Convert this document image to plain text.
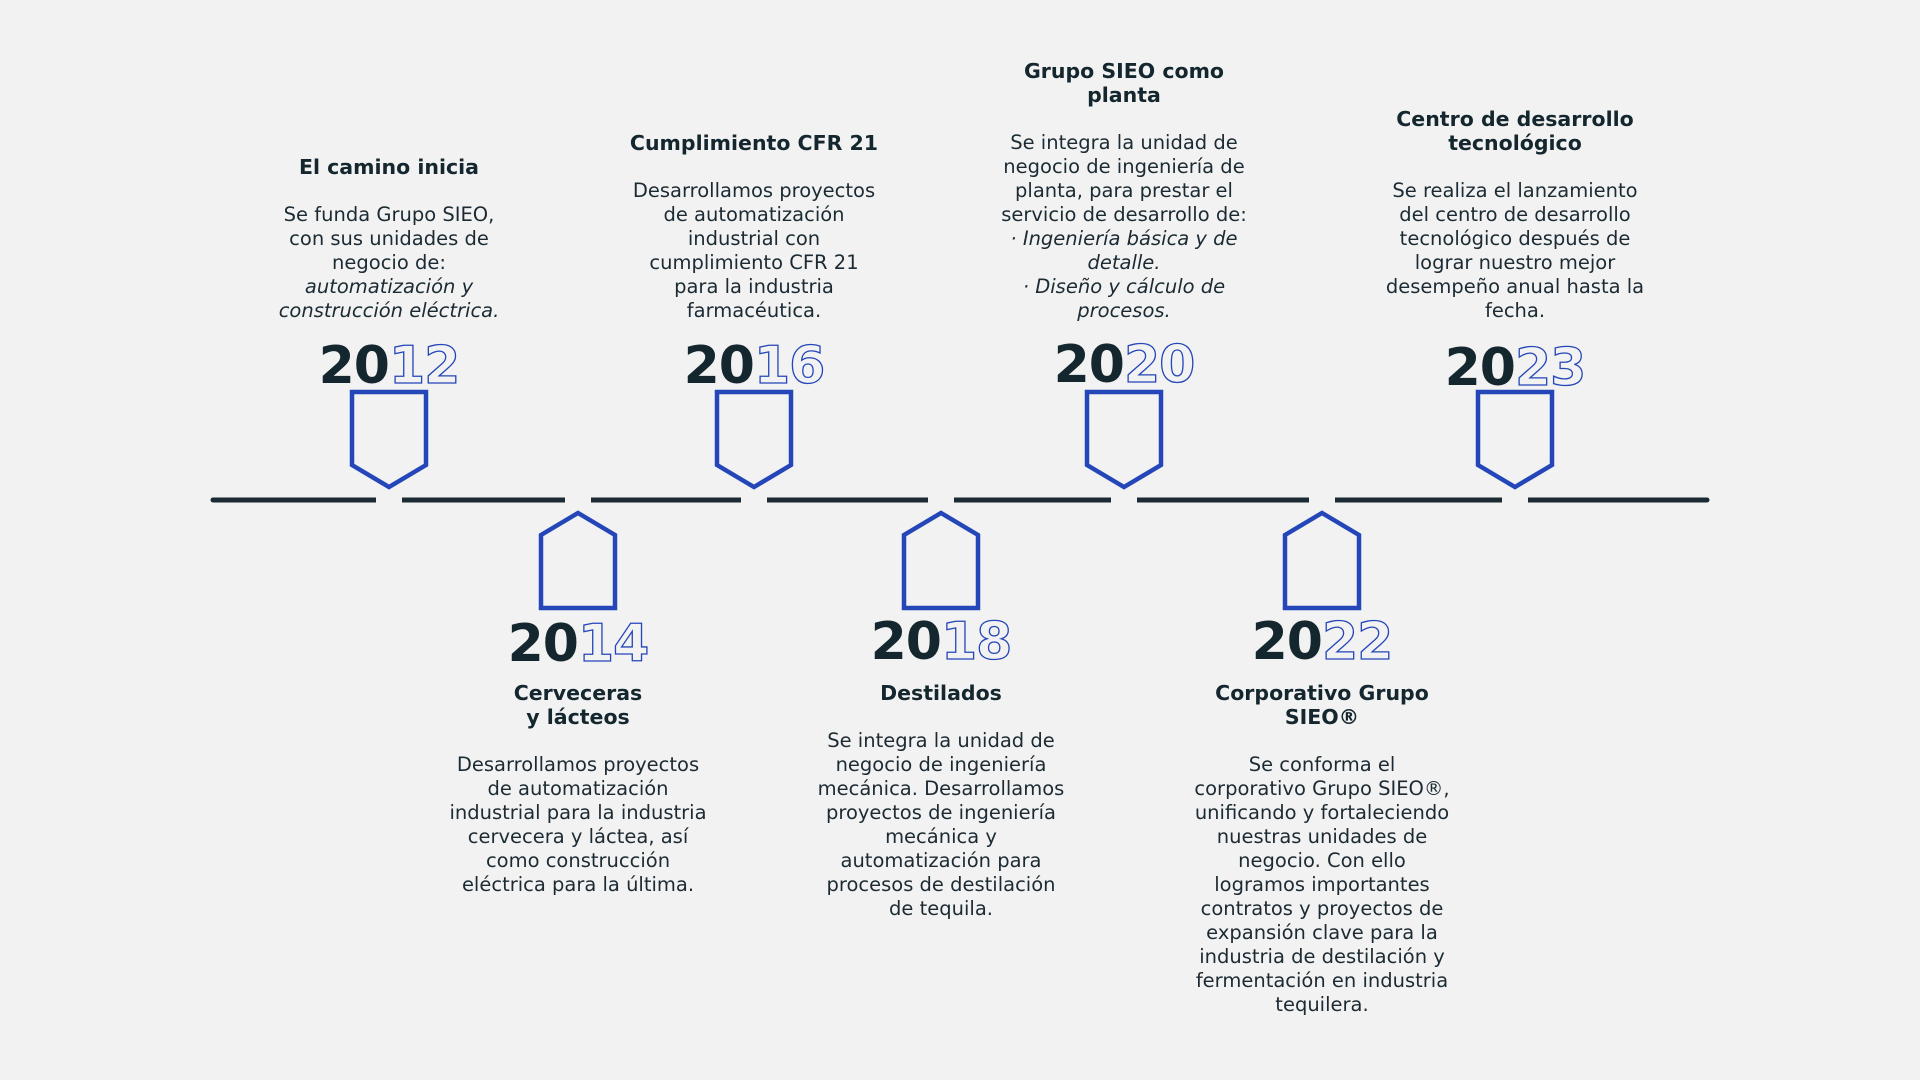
2012
2014
2016
2018
2020
2022
2023
El camino inicia
Se funda Grupo SIEO,
con sus unidades de
negocio de:
automatización y
construcción eléctrica.
Cerveceras
y lácteos
Desarrollamos proyectos
de automatización
industrial para la industria
cervecera y láctea, así
como construcción
eléctrica para la última.
Cumplimiento CFR 21
Desarrollamos proyectos
de automatización
industrial con
cumplimiento CFR 21
para la industria
farmacéutica.
Destilados
Se integra la unidad de
negocio de ingeniería
mecánica. Desarrollamos
proyectos de ingeniería
mecánica y
automatización para
procesos de destilación
de tequila.
Grupo SIEO como
planta
Se integra la unidad de
negocio de ingeniería de
planta, para prestar el
servicio de desarrollo de:
· Ingeniería básica y de
detalle.
· Diseño y cálculo de
procesos.
Corporativo Grupo
SIEO®
Se conforma el
corporativo Grupo SIEO®,
unificando y fortaleciendo
nuestras unidades de
negocio. Con ello
logramos importantes
contratos y proyectos de
expansión clave para la
industria de destilación y
fermentación en industria
tequilera.
Centro de desarrollo
tecnológico
Se realiza el lanzamiento
del centro de desarrollo
tecnológico después de
lograr nuestro mejor
desempeño anual hasta la
fecha.
